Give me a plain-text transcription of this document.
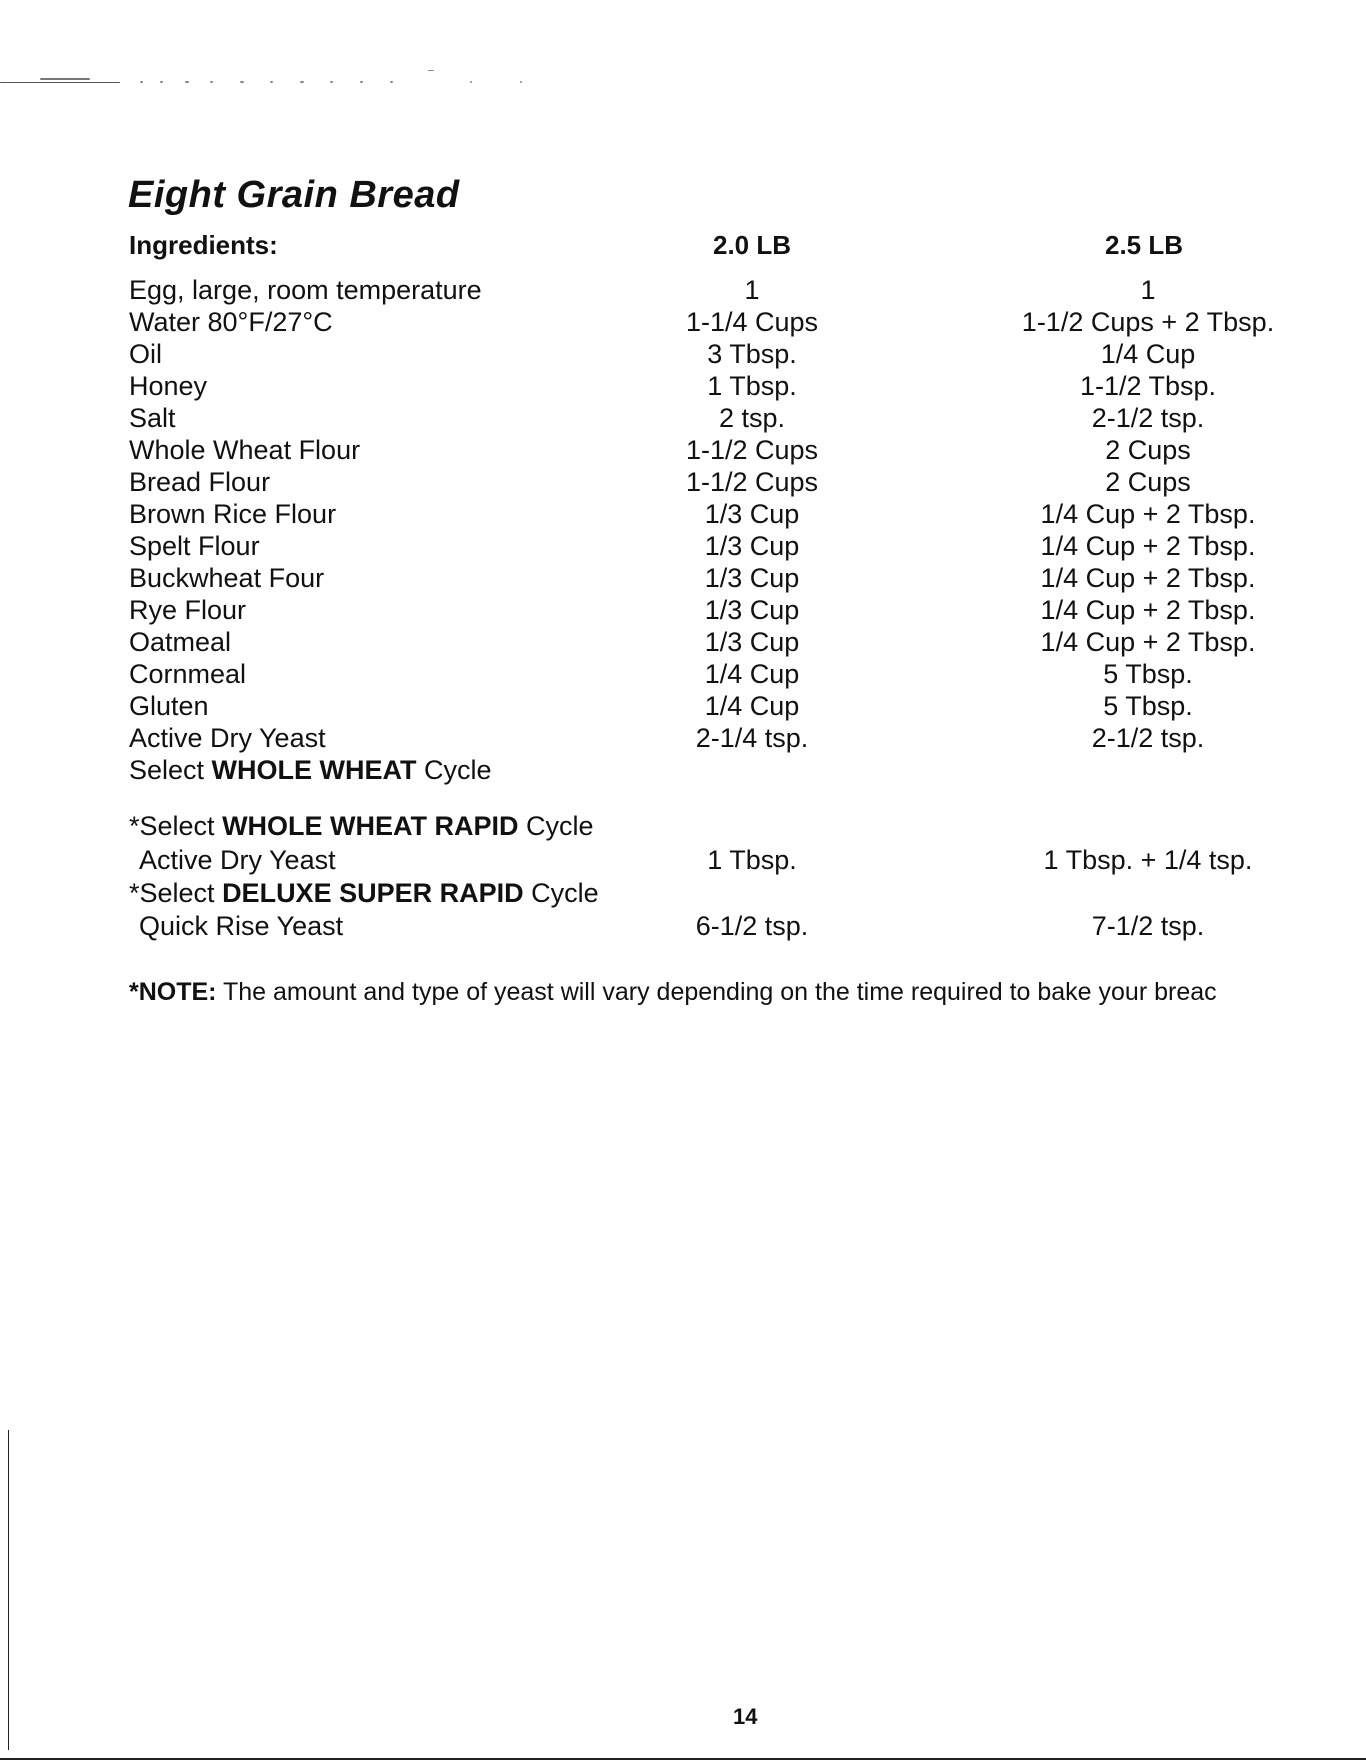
Eight Grain Bread
Ingredients:	2.0 LB	2.5 LB
Egg, large, room temperature	1	1
Water 80°F/27°C	1-1/4 Cups	1-1/2 Cups + 2 Tbsp.
Oil	3 Tbsp.	1/4 Cup
Honey	1 Tbsp.	1-1/2 Tbsp.
Salt	2 tsp.	2-1/2 tsp.
Whole Wheat Flour	1-1/2 Cups	2 Cups
Bread Flour	1-1/2 Cups	2 Cups
Brown Rice Flour	1/3 Cup	1/4 Cup + 2 Tbsp.
Spelt Flour	1/3 Cup	1/4 Cup + 2 Tbsp.
Buckwheat Four	1/3 Cup	1/4 Cup + 2 Tbsp.
Rye Flour	1/3 Cup	1/4 Cup + 2 Tbsp.
Oatmeal	1/3 Cup	1/4 Cup + 2 Tbsp.
Cornmeal	1/4 Cup	5 Tbsp.
Gluten	1/4 Cup	5 Tbsp.
Active Dry Yeast	2-1/4 tsp.	2-1/2 tsp.
Select WHOLE WHEAT Cycle
*Select WHOLE WHEAT RAPID Cycle
Active Dry Yeast	1 Tbsp.	1 Tbsp. + 1/4 tsp.
*Select DELUXE SUPER RAPID Cycle
Quick Rise Yeast	6-1/2 tsp.	7-1/2 tsp.
*NOTE: The amount and type of yeast will vary depending on the time required to bake your breac
14
